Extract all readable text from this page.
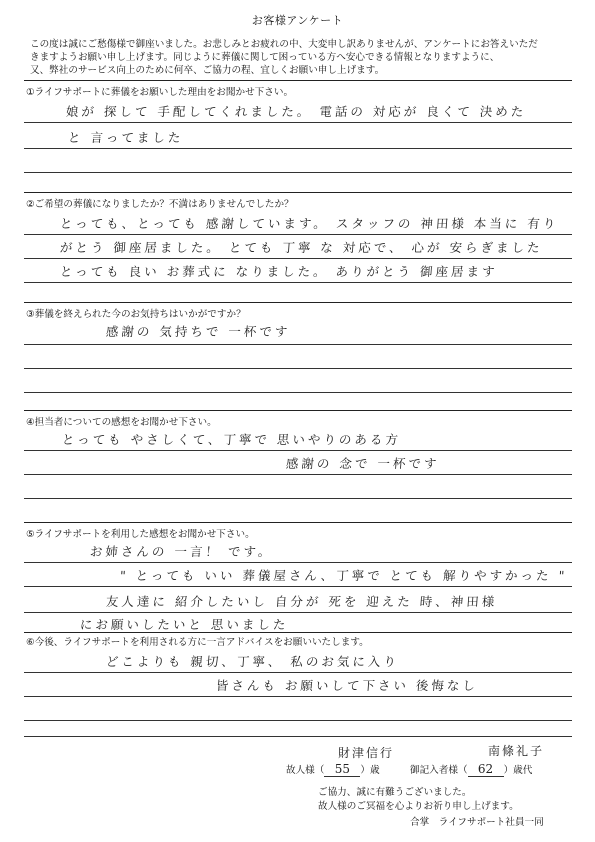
お客様アンケート
この度は誠にご愁傷様で御座いました。お悲しみとお疲れの中、大変申し訳ありませんが、アンケートにお答えいただ
きますようお願い申し上げます。同じように葬儀に関して困っている方へ安心できる情報となりますように、
又、弊社のサービス向上のために何卒、ご協力の程、宜しくお願い申し上げます。
①ライフサポートに葬儀をお願いした理由をお聞かせ下さい。
娘が 探して 手配してくれました。 電話の 対応が 良くて 決めた
と 言ってました
②ご希望の葬儀になりましたか？不満はありませんでしたか？
とっても、とっても 感謝しています。 スタッフの 神田様 本当に 有り
がとう 御座居ました。 とても 丁寧 な 対応で、 心が 安らぎました
とっても 良い お葬式に なりました。 ありがとう 御座居ます
③葬儀を終えられた今のお気持ちはいかがですか？
感謝の 気持ちで 一杯です
④担当者についての感想をお聞かせ下さい。
とっても やさしくて、丁寧で 思いやりのある方
感謝の 念で 一杯です
⑤ライフサポートを利用した感想をお聞かせ下さい。
お姉さんの 一言！ です。
" とっても いい 葬儀屋さん、丁寧で とても 解りやすかった "
友人達に 紹介したいし 自分が 死を 迎えた 時、神田様
にお願いしたいと 思いました
⑥今後、ライフサポートを利用される方に一言アドバイスをお願いいたします。
どこよりも 親切、丁寧、 私のお気に入り
皆さんも お願いして下さい 後悔なし
財津信行	南條礼子
故人様（ 55 ）歳	御記入者様（ 62 ）歳代
ご協力、誠に有難うございました。
故人様のご冥福を心よりお祈り申し上げます。
合掌　ライフサポート社員一同
